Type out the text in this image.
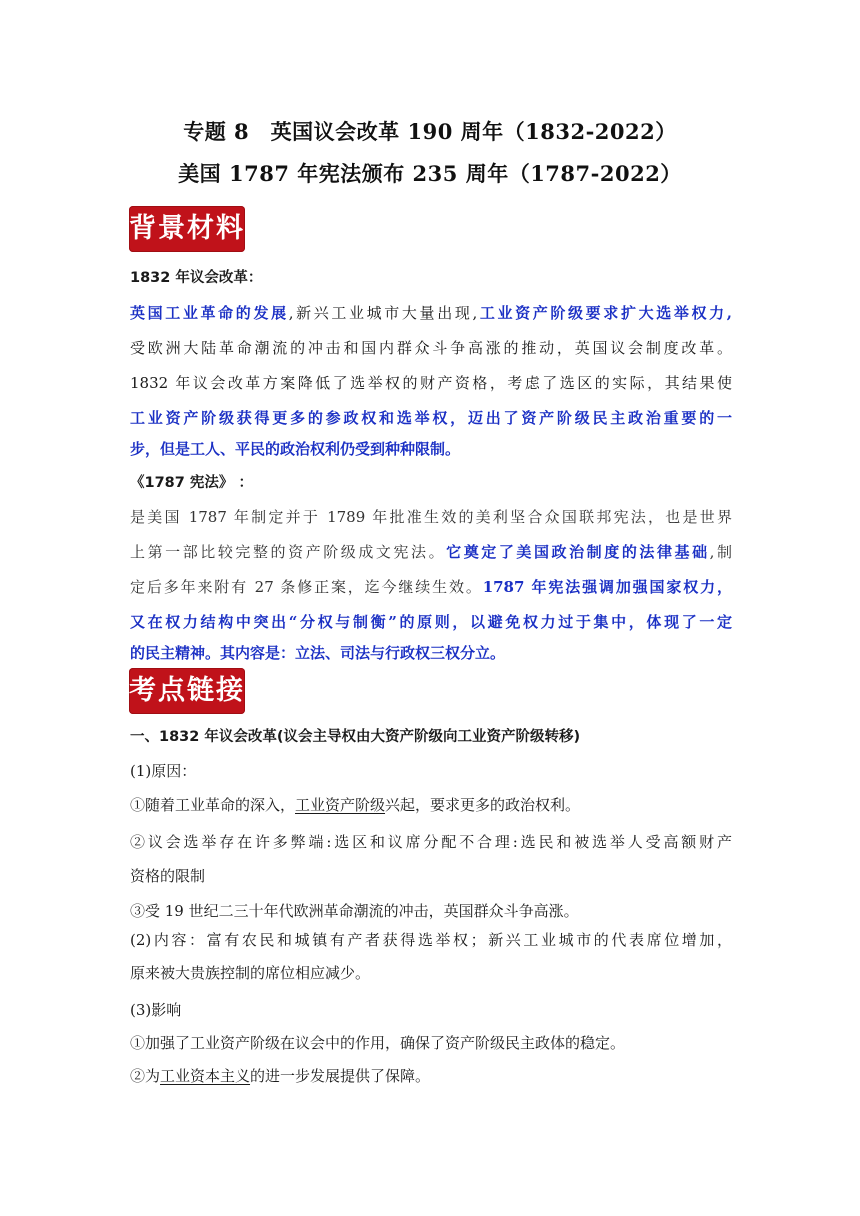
专题 8　英国议会改革 190 周年（1832-2022）
美国 1787 年宪法颁布 235 周年（1787-2022）
背景材料
1832 年议会改革：
英国工业革命的发展,新兴工业城市大量出现,工业资产阶级要求扩大选举权力,
受欧洲大陆革命潮流的冲击和国内群众斗争高涨的推动，英国议会制度改革。
1832 年议会改革方案降低了选举权的财产资格，考虑了选区的实际，其结果使
工业资产阶级获得更多的参政权和选举权，迈出了资产阶级民主政治重要的一
步，但是工人、平民的政治权利仍受到种种限制。
《1787 宪法》 ：
是美国 1787 年制定并于 1789 年批准生效的美利坚合众国联邦宪法，也是世界
上第一部比较完整的资产阶级成文宪法。它奠定了美国政治制度的法律基础,制
定后多年来附有 27 条修正案，迄今继续生效。1787 年宪法强调加强国家权力，
又在权力结构中突出“分权与制衡”的原则，以避免权力过于集中，体现了一定
的民主精神。其内容是：立法、司法与行政权三权分立。
考点链接
一、1832 年议会改革(议会主导权由大资产阶级向工业资产阶级转移)
(1)原因：
①随着工业革命的深入，工业资产阶级兴起，要求更多的政治权利。
②议会选举存在许多弊端:选区和议席分配不合理:选民和被选举人受高额财产
资格的限制
③受 19 世纪二三十年代欧洲革命潮流的冲击，英国群众斗争高涨。
(2)内容：富有农民和城镇有产者获得选举权；新兴工业城市的代表席位增加，
原来被大贵族控制的席位相应减少。
(3)影响
①加强了工业资产阶级在议会中的作用，确保了资产阶级民主政体的稳定。
②为工业资本主义的进一步发展提供了保障。
